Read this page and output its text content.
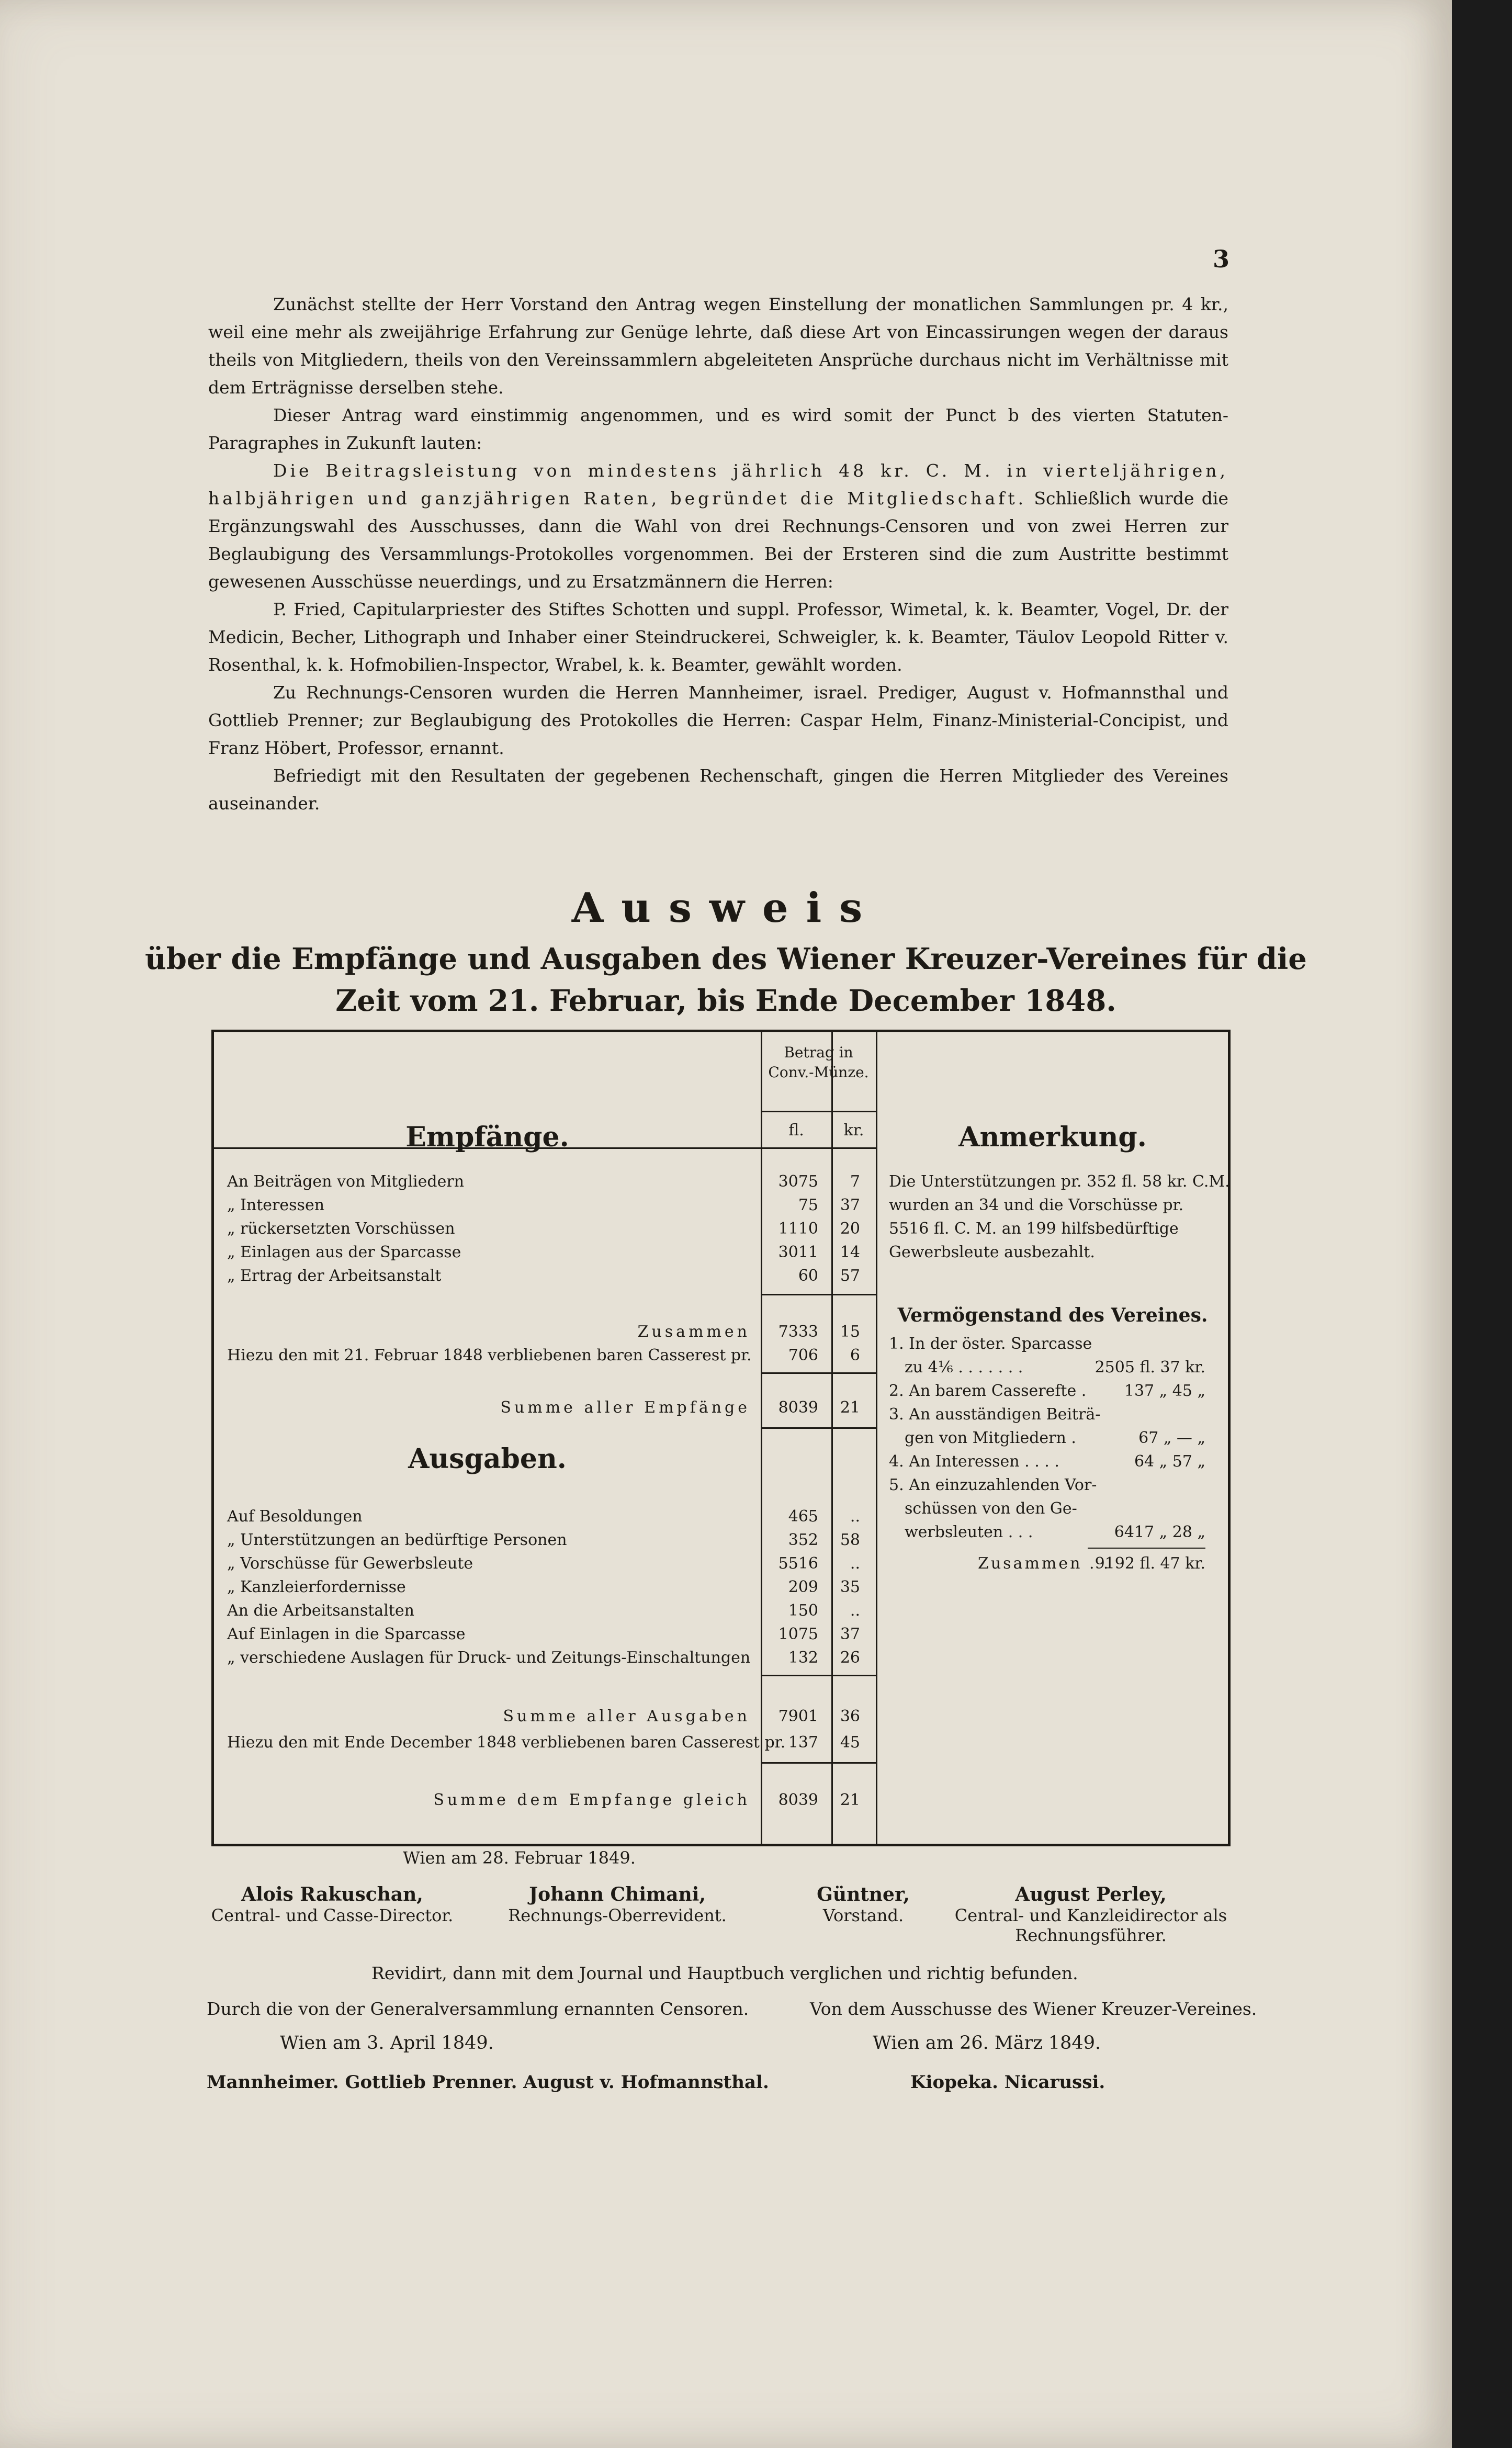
3

Zunächst stellte der Herr Vorstand den Antrag wegen Einstellung der monatlichen Sammlungen pr. 4 kr., weil eine mehr als zweijährige Erfahrung zur Genüge lehrte, daß diese Art von Eincassirungen wegen der daraus theils von Mitgliedern, theils von den Vereinssammlern abgeleiteten Ansprüche durchaus nicht im Verhältnisse mit dem Erträgnisse derselben stehe.

Dieser Antrag ward einstimmig angenommen, und es wird somit der Punct b des vierten Statuten-Paragraphes in Zukunft lauten:

Die Beitragsleistung von mindestens jährlich 48 kr. C. M. in vierteljährigen, halbjährigen und ganzjährigen Raten, begründet die Mitgliedschaft. Schließlich wurde die Ergänzungswahl des Ausschusses, dann die Wahl von drei Rechnungs-Censoren und von zwei Herren zur Beglaubigung des Versammlungs-Protokolles vorgenommen. Bei der Ersteren sind die zum Austritte bestimmt gewesenen Ausschüsse neuerdings, und zu Ersatzmännern die Herren:

P. Fried, Capitularpriester des Stiftes Schotten und suppl. Professor, Wimetal, k. k. Beamter, Vogel, Dr. der Medicin, Becher, Lithograph und Inhaber einer Steindruckerei, Schweigler, k. k. Beamter, Täulov Leopold Ritter v. Rosenthal, k. k. Hofmobilien-Inspector, Wrabel, k. k. Beamter, gewählt worden.

Zu Rechnungs-Censoren wurden die Herren Mannheimer, israel. Prediger, August v. Hofmannsthal und Gottlieb Prenner; zur Beglaubigung des Protokolles die Herren: Caspar Helm, Finanz-Ministerial-Concipist, und Franz Höbert, Professor, ernannt.

Befriedigt mit den Resultaten der gegebenen Rechenschaft, gingen die Herren Mitglieder des Vereines auseinander.

Ausweis
über die Empfänge und Ausgaben des Wiener Kreuzer-Vereines für die
Zeit vom 21. Februar, bis Ende December 1848.
Betrag in Conv.-Münze.
fl.	kr.
Empfänge.	Anmerkung.
An Beiträgen von Mitgliedern	3075	7
„ Interessen	75	37
„ rückersetzten Vorschüssen	1110	20
„ Einlagen aus der Sparcasse	3011	14
„ Ertrag der Arbeitsanstalt	60	57
Zusammen	7333	15
Hiezu den mit 21. Februar 1848 verbliebenen baren Casserest pr.	706	6
Summe aller Empfänge	8039	21
Ausgaben.
Auf Besoldungen	465	..
„ Unterstützungen an bedürftige Personen	352	58
„ Vorschüsse für Gewerbsleute	5516	..
„ Kanzleierfordernisse	209	35
An die Arbeitsanstalten	150	..
Auf Einlagen in die Sparcasse	1075	37
„ verschiedene Auslagen für Druck- und Zeitungs-Einschaltungen	132	26
Summe aller Ausgaben	7901	36
Hiezu den mit Ende December 1848 verbliebenen baren Casserest pr. 137	45
Summe dem Empfange gleich	8039	21
Die Unterstützungen pr. 352 fl. 58 kr. C.M.
wurden an 34 und die Vorschüsse pr.
5516 fl. C. M. an 199 hilfsbedürftige
Gewerbsleute ausbezahlt.
Vermögenstand des Vereines.
1. In der öster. Sparcasse
zu 4⅙ . . . . . . .	2505 fl. 37 kr.
2. An barem Casserefte .	137 „ 45 „
3. An ausständigen Beiträ-
gen von Mitgliedern .	67 „ — „
4. An Interessen . . . .	64 „ 57 „
5. An einzuzahlenden Vor-
schüssen von den Ge-
werbsleuten . . .	6417 „ 28 „
Zusammen . .
9192 fl. 47 kr.
Wien am 28. Februar 1849.
Alois Rakuschan,
Central- und Casse-Director.
Johann Chimani,
Rechnungs-Oberrevident.
Güntner,
Vorstand.
August Perley,
Central- und Kanzleidirector als
Rechnungsführer.
Revidirt, dann mit dem Journal und Hauptbuch verglichen und richtig befunden.
Durch die von der Generalversammlung ernannten Censoren.	Von dem Ausschusse des Wiener Kreuzer-Vereines.
Wien am 3. April 1849.	Wien am 26. März 1849.
Mannheimer. Gottlieb Prenner. August v. Hofmannsthal.	Kiopeka. Nicarussi.
